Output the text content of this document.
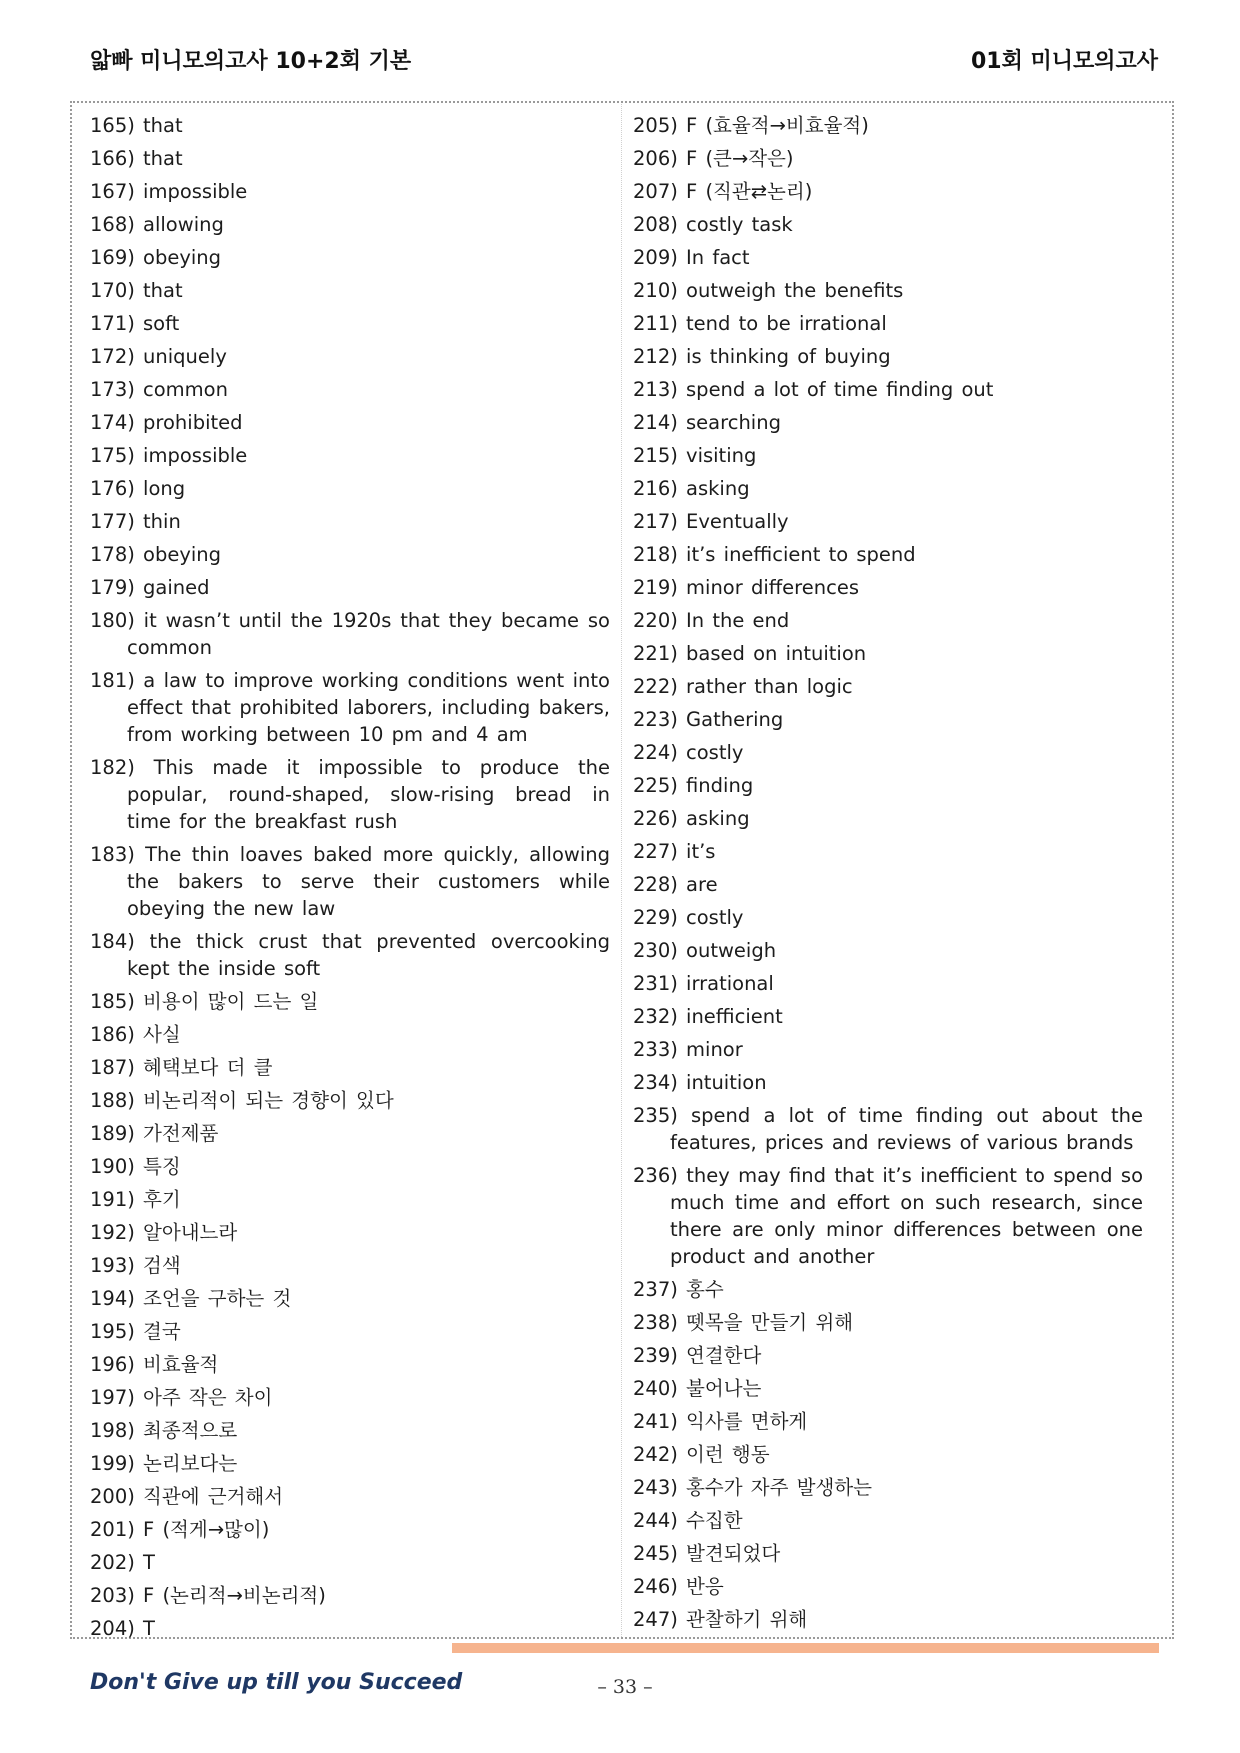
앏빠 미니모의고사 10+2회 기본	01회 미니모의고사
165) that
166) that
167) impossible
168) allowing
169) obeying
170) that
171) soft
172) uniquely
173) common
174) prohibited
175) impossible
176) long
177) thin
178) obeying
179) gained
180) it wasn’t until the 1920s that they became so common
181) a law to improve working conditions went into effect that prohibited laborers, including bakers, from working between 10 pm and 4 am
182) This made it impossible to produce the popular, round-shaped, slow-rising bread in time for the breakfast rush
183) The thin loaves baked more quickly, allowing the bakers to serve their customers while obeying the new law
184) the thick crust that prevented overcooking kept the inside soft
185) 비용이 많이 드는 일
186) 사실
187) 혜택보다 더 클
188) 비논리적이 되는 경향이 있다
189) 가전제품
190) 특징
191) 후기
192) 알아내느라
193) 검색
194) 조언을 구하는 것
195) 결국
196) 비효율적
197) 아주 작은 차이
198) 최종적으로
199) 논리보다는
200) 직관에 근거해서
201) F (적게→많이)
202) T
203) F (논리적→비논리적)
204) T
205) F (효율적→비효율적)
206) F (큰→작은)
207) F (직관⇄논리)
208) costly task
209) In fact
210) outweigh the benefits
211) tend to be irrational
212) is thinking of buying
213) spend a lot of time finding out
214) searching
215) visiting
216) asking
217) Eventually
218) it’s inefficient to spend
219) minor differences
220) In the end
221) based on intuition
222) rather than logic
223) Gathering
224) costly
225) finding
226) asking
227) it’s
228) are
229) costly
230) outweigh
231) irrational
232) inefficient
233) minor
234) intuition
235) spend a lot of time finding out about the features, prices and reviews of various brands
236) they may find that it’s inefficient to spend so much time and effort on such research, since there are only minor differences between one product and another
237) 홍수
238) 뗏목을 만들기 위해
239) 연결한다
240) 불어나는
241) 익사를 면하게
242) 이런 행동
243) 홍수가 자주 발생하는
244) 수집한
245) 발견되었다
246) 반응
247) 관찰하기 위해
Don't Give up till you Succeed	– 33 –
